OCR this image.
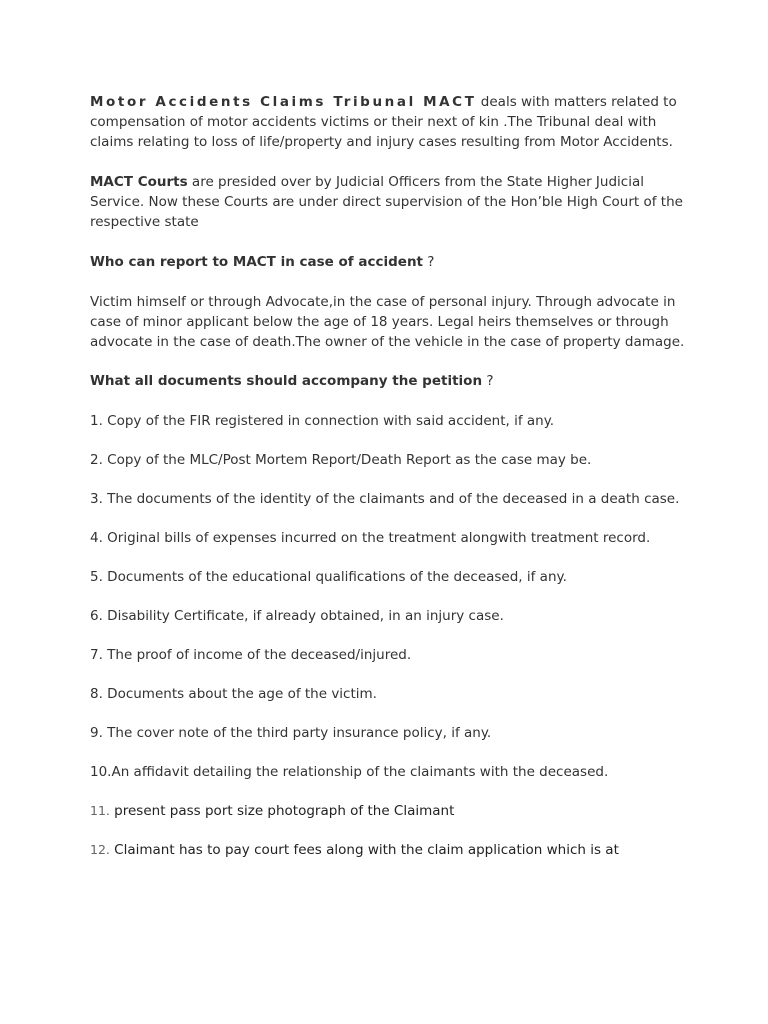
Motor Accidents Claims Tribunal MACT deals with matters related to compensation of motor accidents victims or their next of kin .The Tribunal deal with claims relating to loss of life/property and injury cases resulting from Motor Accidents.

MACT Courts are presided over by Judicial Officers from the State Higher Judicial Service. Now these Courts are under direct supervision of the Hon’ble High Court of the respective state

Who can report to MACT in case of accident ?

Victim himself or through Advocate,in the case of personal injury. Through advocate in case of minor applicant below the age of 18 years. Legal heirs themselves or through advocate in the case of death.The owner of the vehicle in the case of property damage.

What all documents should accompany the petition ?

1. Copy of the FIR registered in connection with said accident, if any.

2. Copy of the MLC/Post Mortem Report/Death Report as the case may be.

3. The documents of the identity of the claimants and of the deceased in a death case.

4. Original bills of expenses incurred on the treatment alongwith treatment record.

5. Documents of the educational qualifications of the deceased, if any.

6. Disability Certificate, if already obtained, in an injury case.

7. The proof of income of the deceased/injured.

8. Documents about the age of the victim.

9. The cover note of the third party insurance policy, if any.

10.An affidavit detailing the relationship of the claimants with the deceased.

11. present pass port size photograph of the Claimant

12. Claimant has to pay court fees along with the claim application which is at
